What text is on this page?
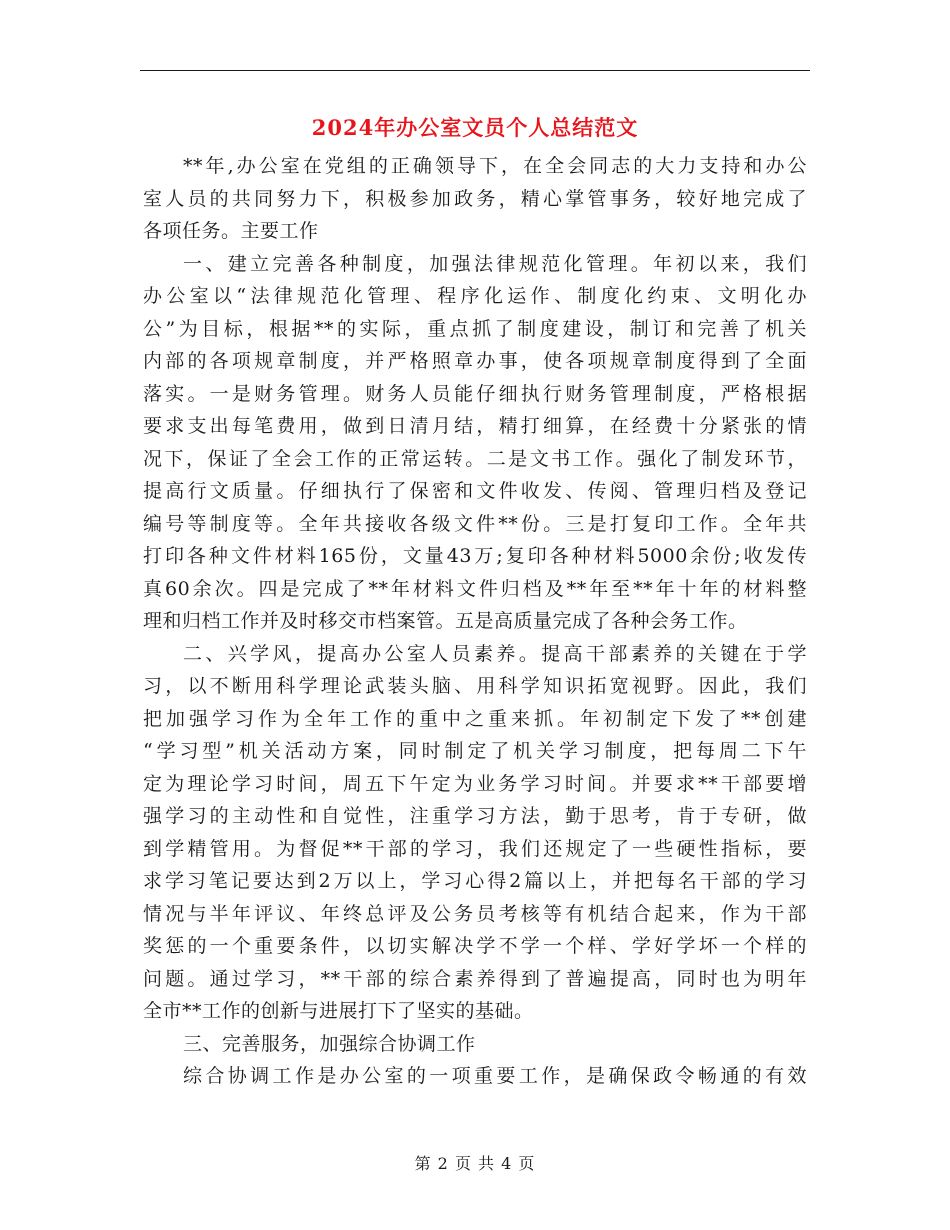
2024年办公室文员个人总结范文
**年,办公室在党组的正确领导下，在全会同志的大力支持和办公
室人员的共同努力下，积极参加政务，精心掌管事务，较好地完成了
各项任务。主要工作
一、建立完善各种制度，加强法律规范化管理。年初以来，我们
办公室以“法律规范化管理、程序化运作、制度化约束、文明化办
公”为目标，根据**的实际，重点抓了制度建设，制订和完善了机关
内部的各项规章制度，并严格照章办事，使各项规章制度得到了全面
落实。一是财务管理。财务人员能仔细执行财务管理制度，严格根据
要求支出每笔费用，做到日清月结，精打细算，在经费十分紧张的情
况下，保证了全会工作的正常运转。二是文书工作。强化了制发环节，
提高行文质量。仔细执行了保密和文件收发、传阅、管理归档及登记
编号等制度等。全年共接收各级文件**份。三是打复印工作。全年共
打印各种文件材料165份，文量43万;复印各种材料5000余份;收发传
真60余次。四是完成了**年材料文件归档及**年至**年十年的材料整
理和归档工作并及时移交市档案管。五是高质量完成了各种会务工作。
二、兴学风，提高办公室人员素养。提高干部素养的关键在于学
习，以不断用科学理论武装头脑、用科学知识拓宽视野。因此，我们
把加强学习作为全年工作的重中之重来抓。年初制定下发了**创建
“学习型”机关活动方案，同时制定了机关学习制度，把每周二下午
定为理论学习时间，周五下午定为业务学习时间。并要求**干部要增
强学习的主动性和自觉性，注重学习方法，勤于思考，肯于专研，做
到学精管用。为督促**干部的学习，我们还规定了一些硬性指标，要
求学习笔记要达到2万以上，学习心得2篇以上，并把每名干部的学习
情况与半年评议、年终总评及公务员考核等有机结合起来，作为干部
奖惩的一个重要条件，以切实解决学不学一个样、学好学坏一个样的
问题。通过学习，**干部的综合素养得到了普遍提高，同时也为明年
全市**工作的创新与进展打下了坚实的基础。
三、完善服务，加强综合协调工作
综合协调工作是办公室的一项重要工作，是确保政令畅通的有效
第 2 页 共 4 页
